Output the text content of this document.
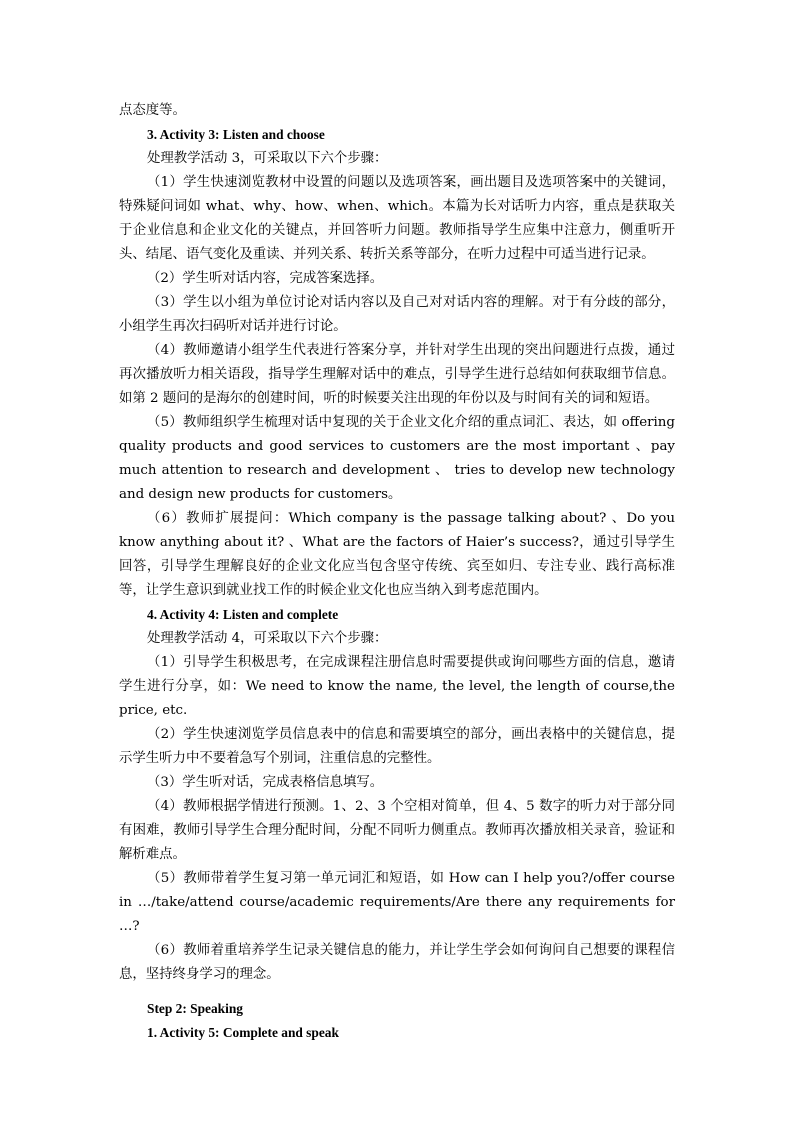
点态度等。

3. Activity 3: Listen and choose

处理教学活动 3，可采取以下六个步骤：

（1）学生快速浏览教材中设置的问题以及选项答案，画出题目及选项答案中的关键词，特殊疑问词如 what、why、how、when、which。本篇为长对话听力内容，重点是获取关于企业信息和企业文化的关键点，并回答听力问题。教师指导学生应集中注意力，侧重听开头、结尾、语气变化及重读、并列关系、转折关系等部分，在听力过程中可适当进行记录。

（2）学生听对话内容，完成答案选择。

（3）学生以小组为单位讨论对话内容以及自己对对话内容的理解。对于有分歧的部分，小组学生再次扫码听对话并进行讨论。

（4）教师邀请小组学生代表进行答案分享，并针对学生出现的突出问题进行点拨，通过再次播放听力相关语段，指导学生理解对话中的难点，引导学生进行总结如何获取细节信息。如第 2 题问的是海尔的创建时间，听的时候要关注出现的年份以及与时间有关的词和短语。

（5）教师组织学生梳理对话中复现的关于企业文化介绍的重点词汇、表达，如 offering quality products and good services to customers are the most important 、pay much attention to research and development 、 tries to develop new technology and design new products for customers。

（6）教师扩展提问：Which company is the passage talking about? 、Do you know anything about it? 、What are the factors of Haier’s success?，通过引导学生回答，引导学生理解良好的企业文化应当包含坚守传统、宾至如归、专注专业、践行高标准等，让学生意识到就业找工作的时候企业文化也应当纳入到考虑范围内。

4. Activity 4: Listen and complete

处理教学活动 4，可采取以下六个步骤：

（1）引导学生积极思考，在完成课程注册信息时需要提供或询问哪些方面的信息，邀请学生进行分享，如：We need to know the name, the level, the length of course,the price, etc.

（2）学生快速浏览学员信息表中的信息和需要填空的部分，画出表格中的关键信息，提示学生听力中不要着急写个别词，注重信息的完整性。

（3）学生听对话，完成表格信息填写。

（4）教师根据学情进行预测。1、2、3 个空相对简单，但 4、5 数字的听力对于部分同有困难，教师引导学生合理分配时间，分配不同听力侧重点。教师再次播放相关录音，验证和解析难点。

（5）教师带着学生复习第一单元词汇和短语，如 How can I help you?/offer course in …/take/attend course/academic requirements/Are there any requirements for …?

（6）教师着重培养学生记录关键信息的能力，并让学生学会如何询问自己想要的课程信息，坚持终身学习的理念。

Step 2: Speaking

1. Activity 5: Complete and speak
